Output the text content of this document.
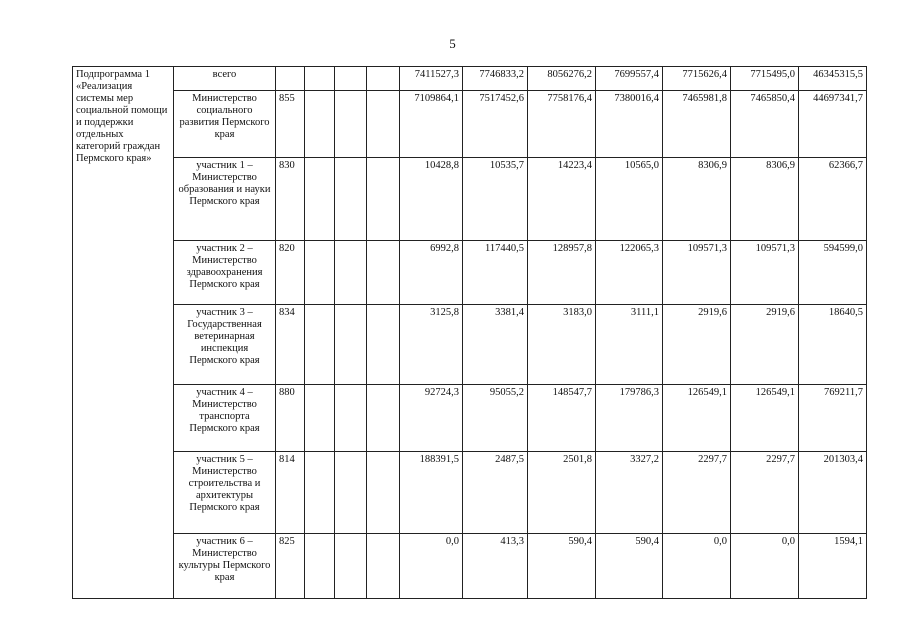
5
Подпрограмма 1 «Реализация системы мер социальной помощи и поддержки отдельных категорий граждан Пермского края»	всего					7411527,3	7746833,2	8056276,2	7699557,4	7715626,4	7715495,0	46345315,5
	Министерство социального развития Пермского края	855				7109864,1	7517452,6	7758176,4	7380016,4	7465981,8	7465850,4	44697341,7
	участник 1 – Министерство образования и науки Пермского края	830				10428,8	10535,7	14223,4	10565,0	8306,9	8306,9	62366,7
	участник 2 – Министерство здравоохранения Пермского края	820				6992,8	117440,5	128957,8	122065,3	109571,3	109571,3	594599,0
	участник 3 – Государственная ветеринарная инспекция Пермского края	834				3125,8	3381,4	3183,0	3111,1	2919,6	2919,6	18640,5
	участник 4 – Министерство транспорта Пермского края	880				92724,3	95055,2	148547,7	179786,3	126549,1	126549,1	769211,7
	участник 5 – Министерство строительства и архитектуры Пермского края	814				188391,5	2487,5	2501,8	3327,2	2297,7	2297,7	201303,4
	участник 6 – Министерство культуры Пермского края	825				0,0	413,3	590,4	590,4	0,0	0,0	1594,1
